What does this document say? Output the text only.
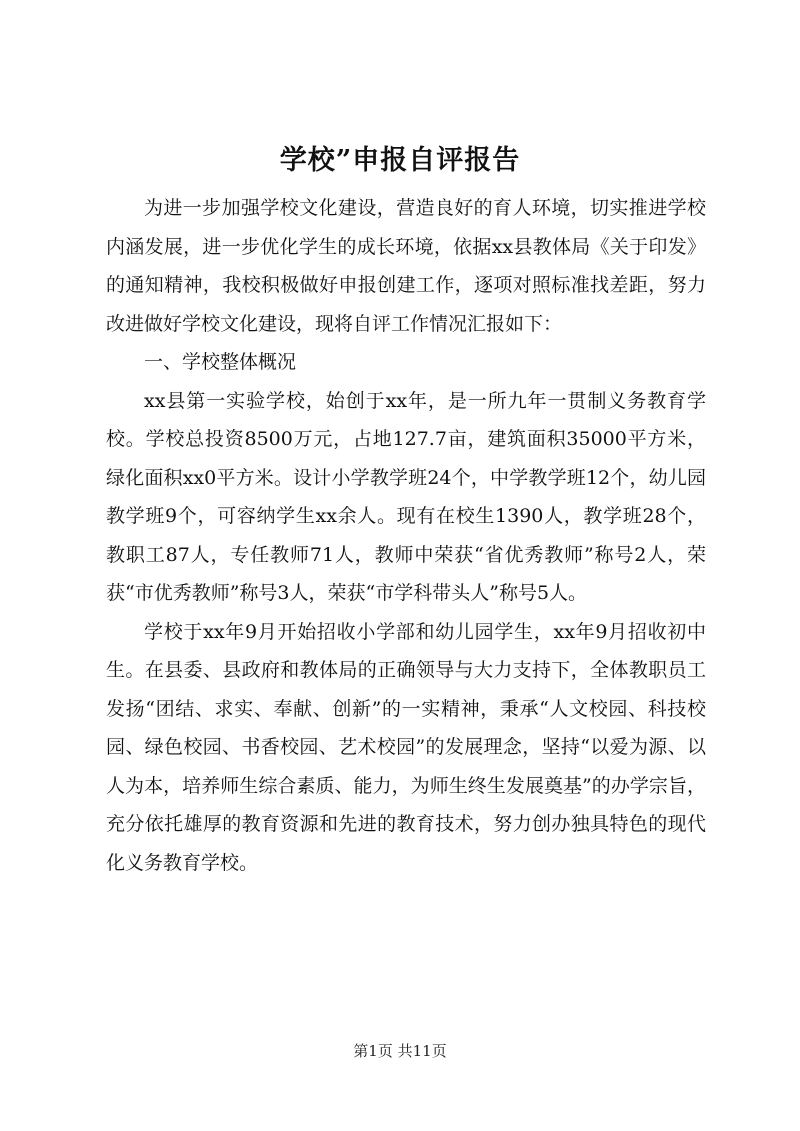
学校”申报自评报告

为进一步加强学校文化建设，营造良好的育人环境，切实推进学校内涵发展，进一步优化学生的成长环境，依据xx县教体局《关于印发》的通知精神，我校积极做好申报创建工作，逐项对照标准找差距，努力改进做好学校文化建设，现将自评工作情况汇报如下：

一、学校整体概况

xx县第一实验学校，始创于xx年，是一所九年一贯制义务教育学校。学校总投资8500万元，占地127.7亩，建筑面积35000平方米，绿化面积xx0平方米。设计小学教学班24个，中学教学班12个，幼儿园教学班9个，可容纳学生xx余人。现有在校生1390人，教学班28个，教职工87人，专任教师71人，教师中荣获“省优秀教师”称号2人，荣获“市优秀教师”称号3人，荣获“市学科带头人”称号5人。

学校于xx年9月开始招收小学部和幼儿园学生，xx年9月招收初中生。在县委、县政府和教体局的正确领导与大力支持下，全体教职员工发扬“团结、求实、奉献、创新”的一实精神，秉承“人文校园、科技校园、绿色校园、书香校园、艺术校园”的发展理念，坚持“以爱为源、以人为本，培养师生综合素质、能力，为师生终生发展奠基”的办学宗旨，充分依托雄厚的教育资源和先进的教育技术，努力创办独具特色的现代化义务教育学校。

第1页 共11页
